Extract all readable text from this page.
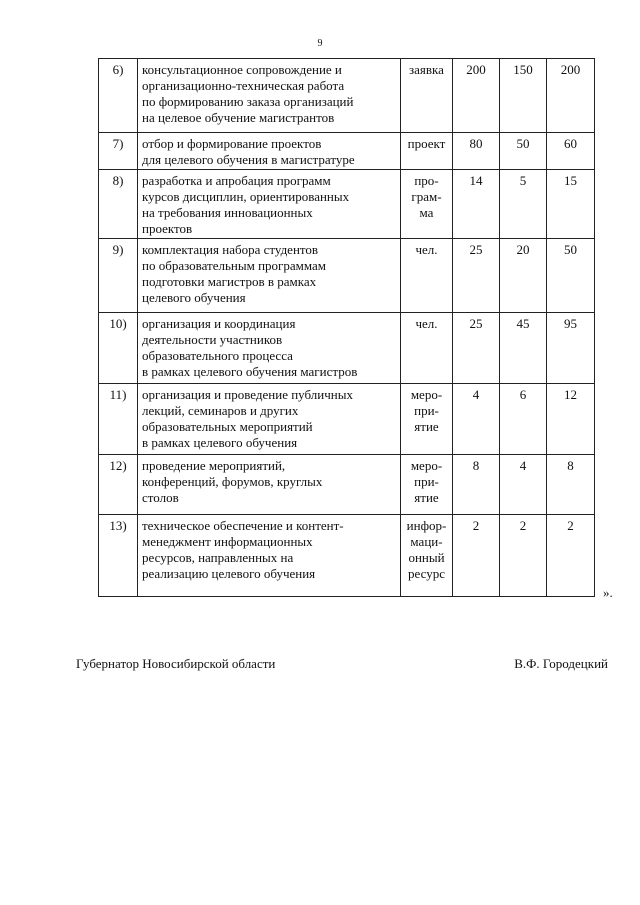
9
6)	консультационное сопровождение и
организационно-техническая работа
по формированию заказа организаций
на целевое обучение магистрантов	заявка	200	150	200
7)	отбор и формирование проектов
для целевого обучения в магистратуре	проект	80	50	60
8)	разработка и апробация программ
курсов дисциплин, ориентированных
на требования инновационных
проектов	про-
грам-
ма	14	5	15
9)	комплектация набора студентов
по образовательным программам
подготовки магистров в рамках
целевого обучения	чел.	25	20	50
10)	организация и координация
деятельности участников
образовательного процесса
в рамках целевого обучения магистров	чел.	25	45	95
11)	организация и проведение публичных
лекций, семинаров и других
образовательных мероприятий
в рамках целевого обучения	меро-
при-
ятие	4	6	12
12)	проведение мероприятий,
конференций, форумов, круглых
столов	меро-
при-
ятие	8	4	8
13)	техническое обеспечение и контент-
менеджмент информационных
ресурсов, направленных на
реализацию целевого обучения	инфор-
маци-
онный
ресурс	2	2	2
».
Губернатор Новосибирской области	В.Ф. Городецкий
